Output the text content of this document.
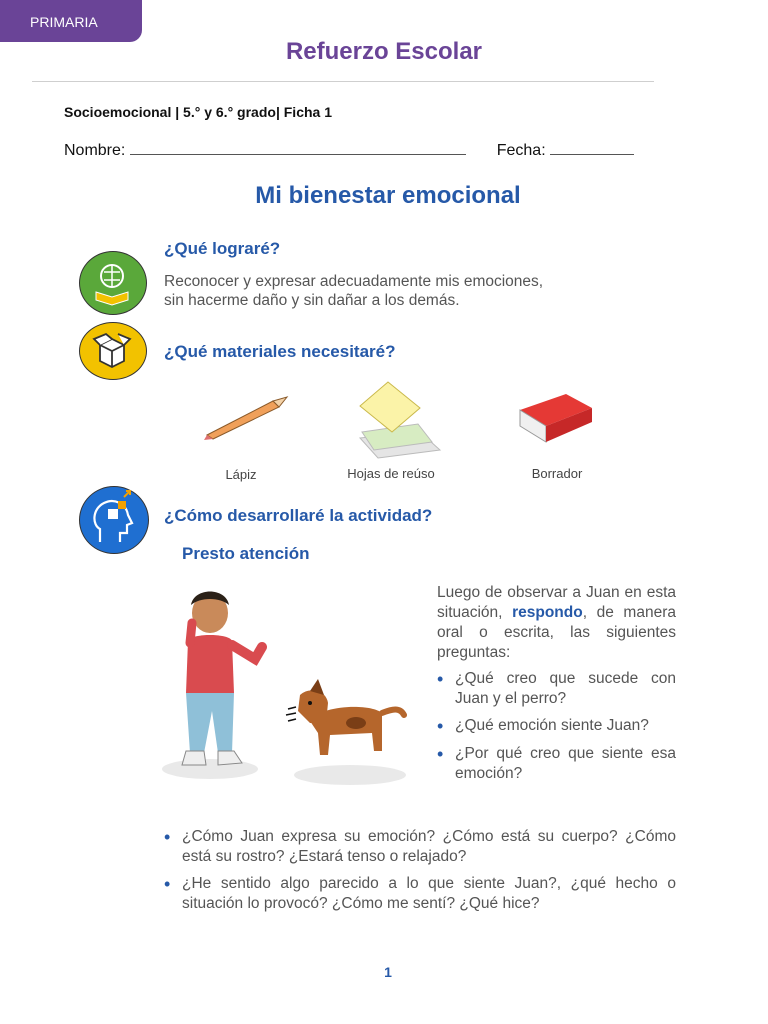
PRIMARIA
Refuerzo Escolar
Socioemocional | 5.° y 6.° grado| Ficha 1
Nombre:	Fecha:
Mi bienestar emocional
¿Qué lograré?
Reconocer y expresar adecuadamente mis emociones,
sin hacerme daño y sin dañar a los demás.
¿Qué materiales necesitaré?
Lápiz	Hojas de reúso	Borrador
¿Cómo desarrollaré la actividad?
Presto atención
Luego de observar a Juan en esta situación, respondo, de manera oral o escrita, las siguientes preguntas:
• ¿Qué creo que sucede con Juan y el perro?
• ¿Qué emoción siente Juan?
• ¿Por qué creo que siente esa emoción?
• ¿Cómo Juan expresa su emoción? ¿Cómo está su cuerpo? ¿Cómo está su rostro? ¿Estará tenso o relajado?
• ¿He sentido algo parecido a lo que siente Juan?, ¿qué hecho o situación lo provocó? ¿Cómo me sentí? ¿Qué hice?
1
